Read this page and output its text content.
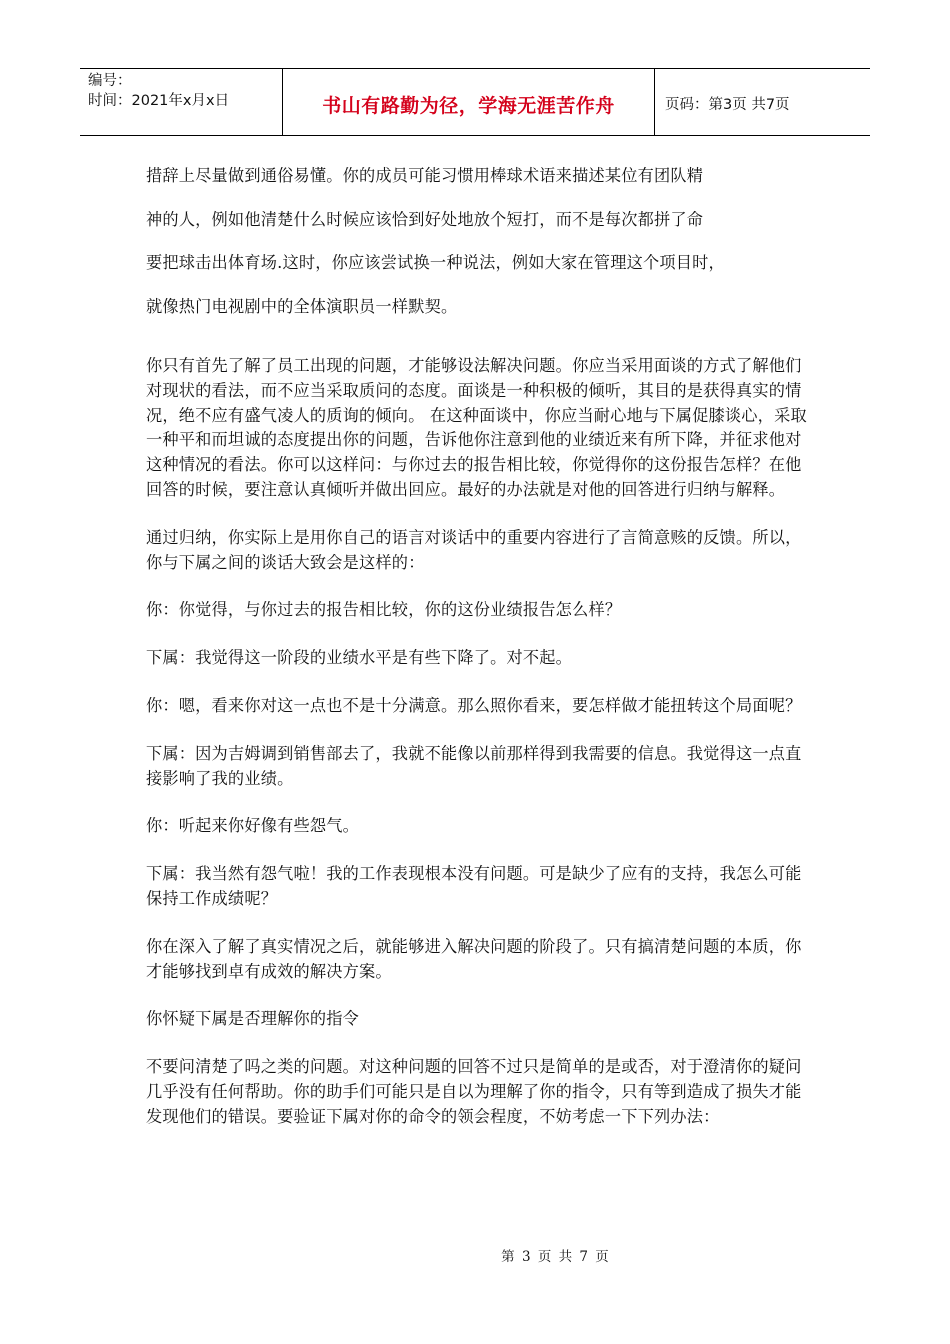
编号：
时间：2021年x月x日	书山有路勤为径，学海无涯苦作舟	页码：第3页 共7页

措辞上尽量做到通俗易懂。你的成员可能习惯用棒球术语来描述某位有团队精

神的人，例如他清楚什么时候应该恰到好处地放个短打，而不是每次都拼了命

要把球击出体育场.这时，你应该尝试换一种说法，例如大家在管理这个项目时，

就像热门电视剧中的全体演职员一样默契。

你只有首先了解了员工出现的问题，才能够设法解决问题。你应当采用面谈的方式了解他们对现状的看法，而不应当采取质问的态度。面谈是一种积极的倾听，其目的是获得真实的情况，绝不应有盛气凌人的质询的倾向。 在这种面谈中，你应当耐心地与下属促膝谈心，采取一种平和而坦诚的态度提出你的问题，告诉他你注意到他的业绩近来有所下降，并征求他对这种情况的看法。你可以这样问：与你过去的报告相比较，你觉得你的这份报告怎样？在他回答的时候，要注意认真倾听并做出回应。最好的办法就是对他的回答进行归纳与解释。

通过归纳，你实际上是用你自己的语言对谈话中的重要内容进行了言简意赅的反馈。所以，你与下属之间的谈话大致会是这样的：

你：你觉得，与你过去的报告相比较，你的这份业绩报告怎么样？

下属：我觉得这一阶段的业绩水平是有些下降了。对不起。

你：嗯，看来你对这一点也不是十分满意。那么照你看来，要怎样做才能扭转这个局面呢？

下属：因为吉姆调到销售部去了，我就不能像以前那样得到我需要的信息。我觉得这一点直接影响了我的业绩。

你：听起来你好像有些怨气。

下属：我当然有怨气啦！我的工作表现根本没有问题。可是缺少了应有的支持，我怎么可能保持工作成绩呢？

你在深入了解了真实情况之后，就能够进入解决问题的阶段了。只有搞清楚问题的本质，你才能够找到卓有成效的解决方案。

你怀疑下属是否理解你的指令

不要问清楚了吗之类的问题。对这种问题的回答不过只是简单的是或否，对于澄清你的疑问几乎没有任何帮助。你的助手们可能只是自以为理解了你的指令，只有等到造成了损失才能发现他们的错误。要验证下属对你的命令的领会程度，不妨考虑一下下列办法：

第 3 页 共 7 页
